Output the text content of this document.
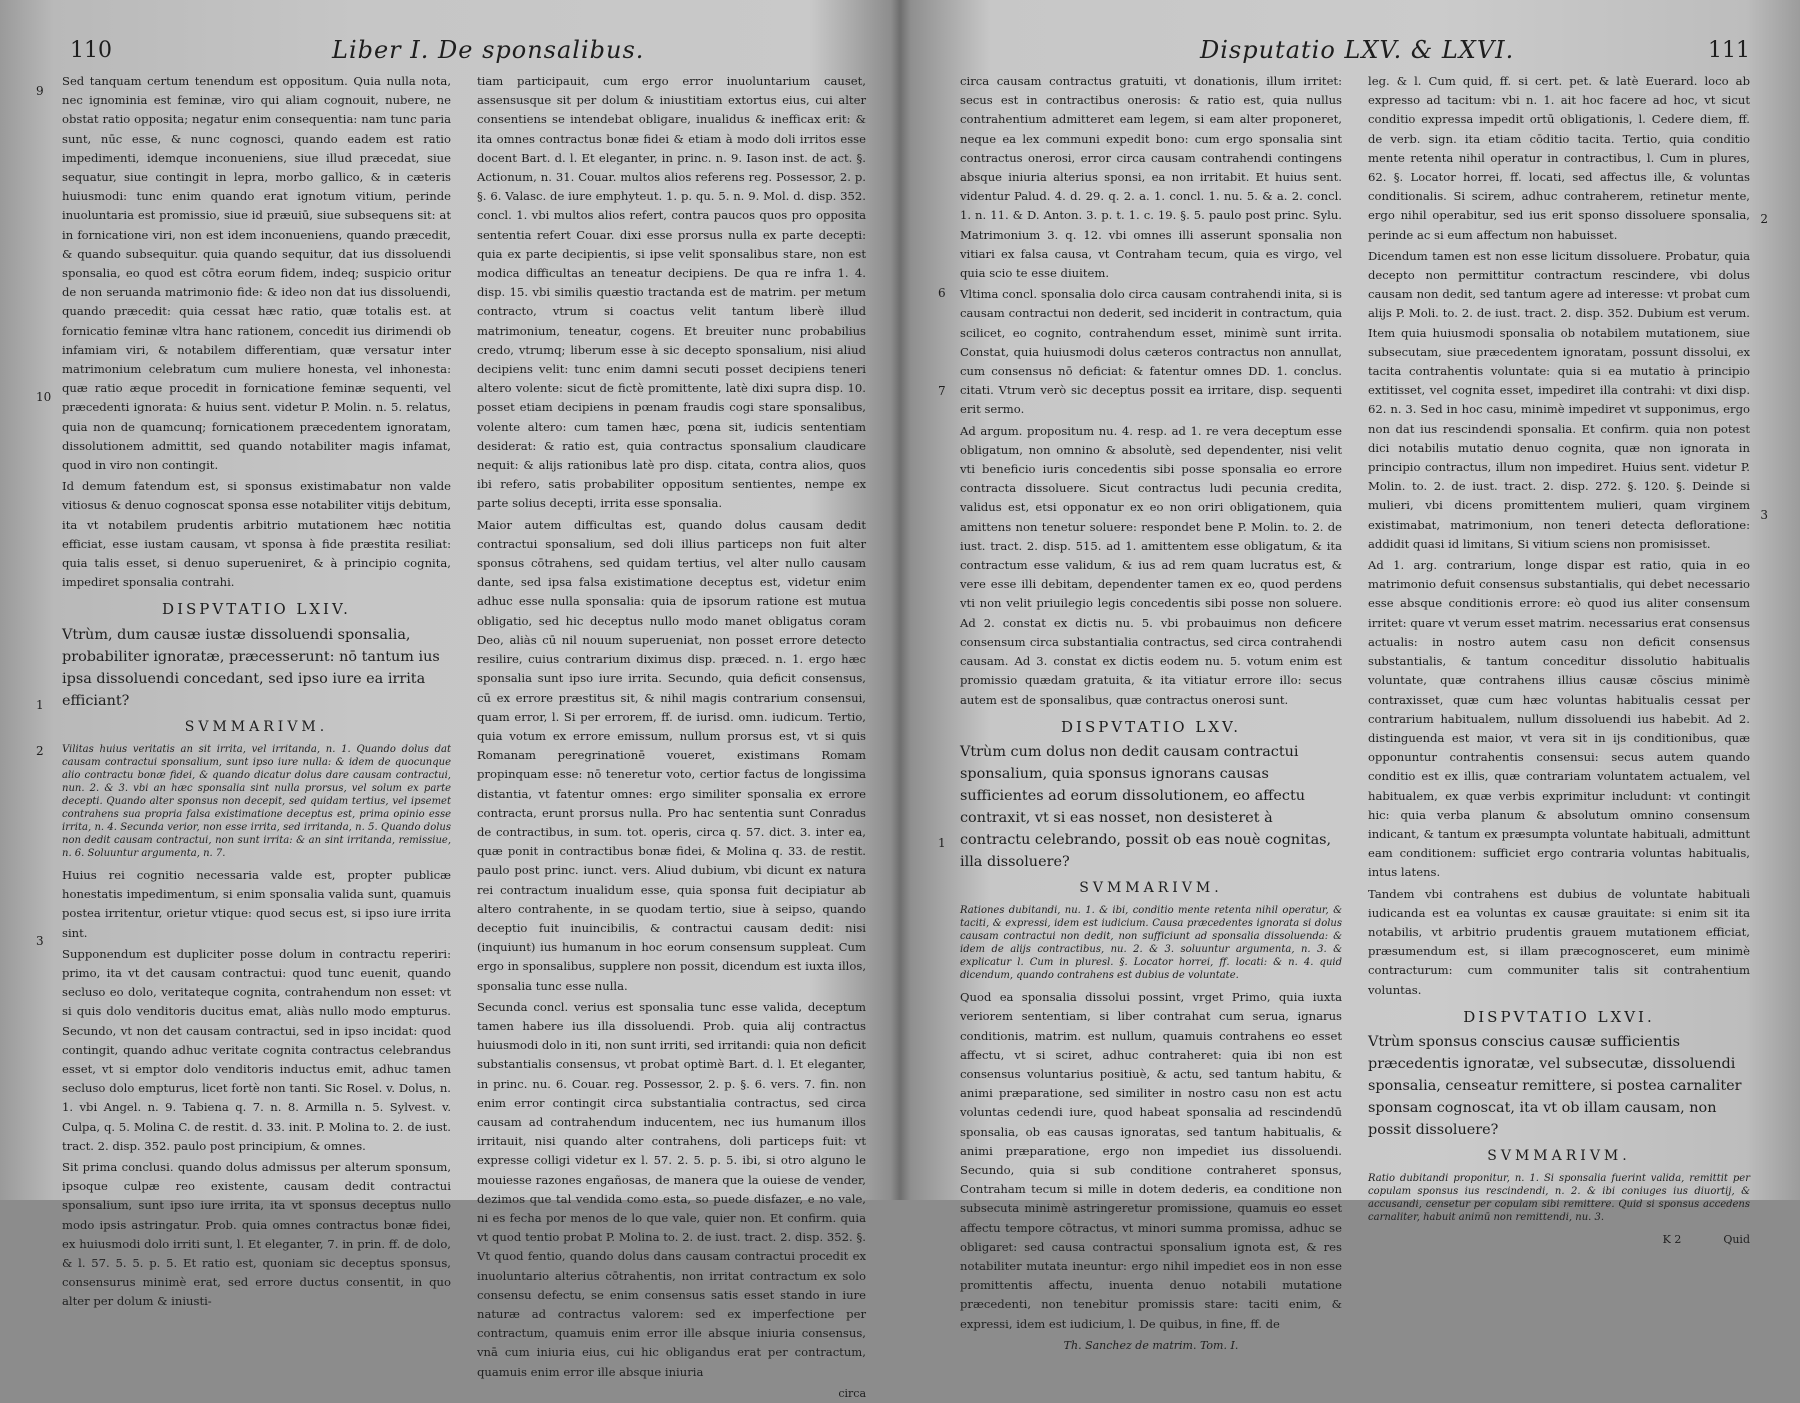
110	Liber I. De sponsalibus.
9
10
1
2
3

Sed tanquam certum tenendum est oppositum. Quia nulla nota, nec ignominia est feminæ, viro qui aliam cognouit, nubere, ne obstat ratio opposita; negatur enim consequentia: nam tunc paria sunt, nūc esse, & nunc cognosci, quando eadem est ratio impedimenti, idemque inconueniens, siue illud præcedat, siue sequatur, siue contingit in lepra, morbo gallico, & in cæteris huiusmodi: tunc enim quando erat ignotum vitium, perinde inuoluntaria est promissio, siue id præuiū, siue subsequens sit: at in fornicatione viri, non est idem inconueniens, quando præcedit, & quando subsequitur. quia quando sequitur, dat ius dissoluendi sponsalia, eo quod est cōtra eorum fidem, indeq; suspicio oritur de non seruanda matrimonio fide: & ideo non dat ius dissoluendi, quando præcedit: quia cessat hæc ratio, quæ totalis est. at fornicatio feminæ vltra hanc rationem, concedit ius dirimendi ob infamiam viri, & notabilem differentiam, quæ versatur inter matrimonium celebratum cum muliere honesta, vel inhonesta: quæ ratio æque procedit in fornicatione feminæ sequenti, vel præcedenti ignorata: & huius sent. videtur P. Molin. n. 5. relatus, quia non de quamcunq; fornicationem præcedentem ignoratam, dissolutionem admittit, sed quando notabiliter magis infamat, quod in viro non contingit.

Id demum fatendum est, si sponsus existimabatur non valde vitiosus & denuo cognoscat sponsa esse notabiliter vitijs debitum, ita vt notabilem prudentis arbitrio mutationem hæc notitia efficiat, esse iustam causam, vt sponsa à fide præstita resiliat: quia talis esset, si denuo superueniret, & à principio cognita, impediret sponsalia contrahi.

DISPVTATIO LXIV.
Vtrùm, dum causæ iustæ dissoluendi sponsalia, probabiliter ignoratæ, præcesserunt: nō tantum ius ipsa dissoluendi concedant, sed ipso iure ea irrita efficiant?
SVMMARIVM.
Vilitas huius veritatis an sit irrita, vel irritanda, n. 1. Quando dolus dat causam contractui sponsalium, sunt ipso iure nulla: & idem de quocunque alio contractu bonæ fidei, & quando dicatur dolus dare causam contractui, nun. 2. & 3. vbi an hæc sponsalia sint nulla prorsus, vel solum ex parte decepti. Quando alter sponsus non decepit, sed quidam tertius, vel ipsemet contrahens sua propria falsa existimatione deceptus est, prima opinio esse irrita, n. 4. Secunda verior, non esse irrita, sed irritanda, n. 5. Quando dolus non dedit causam contractui, non sunt irrita: & an sint irritanda, remissiue, n. 6. Soluuntur argumenta, n. 7.

Huius rei cognitio necessaria valde est, propter publicæ honestatis impedimentum, si enim sponsalia valida sunt, quamuis postea irritentur, orietur vtique: quod secus est, si ipso iure irrita sint.

Supponendum est dupliciter posse dolum in contractu reperiri: primo, ita vt det causam contractui: quod tunc euenit, quando secluso eo dolo, veritateque cognita, contrahendum non esset: vt si quis dolo venditoris ducitus emat, aliàs nullo modo empturus. Secundo, vt non det causam contractui, sed in ipso incidat: quod contingit, quando adhuc veritate cognita contractus celebrandus esset, vt si emptor dolo venditoris inductus emit, adhuc tamen secluso dolo empturus, licet fortè non tanti. Sic Rosel. v. Dolus, n. 1. vbi Angel. n. 9. Tabiena q. 7. n. 8. Armilla n. 5. Sylvest. v. Culpa, q. 5. Molina C. de restit. d. 33. init. P. Molina to. 2. de iust. tract. 2. disp. 352. paulo post principium, & omnes.

Sit prima conclusi. quando dolus admissus per alterum sponsum, ipsoque culpæ reo existente, causam dedit contractui sponsalium, sunt ipso iure irrita, ita vt sponsus deceptus nullo modo ipsis astringatur. Prob. quia omnes contractus bonæ fidei, ex huiusmodi dolo irriti sunt, l. Et eleganter, 7. in prin. ff. de dolo, & l. 57. 5. 5. p. 5. Et ratio est, quoniam sic deceptus sponsus, consensurus minimè erat, sed errore ductus consentit, in quo alter per dolum & iniusti-

tiam participauit, cum ergo error inuoluntarium causet, assensusque sit per dolum & iniustitiam extortus eius, cui alter consentiens se intendebat obligare, inualidus & inefficax erit: & ita omnes contractus bonæ fidei & etiam à modo doli irritos esse docent Bart. d. l. Et eleganter, in princ. n. 9. Iason inst. de act. §. Actionum, n. 31. Couar. multos alios referens reg. Possessor, 2. p. §. 6. Valasc. de iure emphyteut. 1. p. qu. 5. n. 9. Mol. d. disp. 352. concl. 1. vbi multos alios refert, contra paucos quos pro opposita sententia refert Couar. dixi esse prorsus nulla ex parte decepti: quia ex parte decipientis, si ipse velit sponsalibus stare, non est modica difficultas an teneatur decipiens. De qua re infra 1. 4. disp. 15. vbi similis quæstio tractanda est de matrim. per metum contracto, vtrum si coactus velit tantum liberè illud matrimonium, teneatur, cogens. Et breuiter nunc probabilius credo, vtrumq; liberum esse à sic decepto sponsalium, nisi aliud decipiens velit: tunc enim damni secuti posset decipiens teneri altero volente: sicut de fictè promittente, latè dixi supra disp. 10. posset etiam decipiens in pœnam fraudis cogi stare sponsalibus, volente altero: cum tamen hæc, pœna sit, iudicis sententiam desiderat: & ratio est, quia contractus sponsalium claudicare nequit: & alijs rationibus latè pro disp. citata, contra alios, quos ibi refero, satis probabiliter oppositum sentientes, nempe ex parte solius decepti, irrita esse sponsalia.

Maior autem difficultas est, quando dolus causam dedit contractui sponsalium, sed doli illius particeps non fuit alter sponsus cōtrahens, sed quidam tertius, vel alter nullo causam dante, sed ipsa falsa existimatione deceptus est, videtur enim adhuc esse nulla sponsalia: quia de ipsorum ratione est mutua obligatio, sed hic deceptus nullo modo manet obligatus coram Deo, aliàs cū nil nouum superueniat, non posset errore detecto resilire, cuius contrarium diximus disp. præced. n. 1. ergo hæc sponsalia sunt ipso iure irrita. Secundo, quia deficit consensus, cū ex errore præstitus sit, & nihil magis contrarium consensui, quam error, l. Si per errorem, ff. de iurisd. omn. iudicum. Tertio, quia votum ex errore emissum, nullum prorsus est, vt si quis Romanam peregrinationē voueret, existimans Romam propinquam esse: nō teneretur voto, certior factus de longissima distantia, vt fatentur omnes: ergo similiter sponsalia ex errore contracta, erunt prorsus nulla. Pro hac sententia sunt Conradus de contractibus, in sum. tot. operis, circa q. 57. dict. 3. inter ea, quæ ponit in contractibus bonæ fidei, & Molina q. 33. de restit. paulo post princ. iunct. vers. Aliud dubium, vbi dicunt ex natura rei contractum inualidum esse, quia sponsa fuit decipiatur ab altero contrahente, in se quodam tertio, siue à seipso, quando deceptio fuit inuincibilis, & contractui causam dedit: nisi (inquiunt) ius humanum in hoc eorum consensum suppleat. Cum ergo in sponsalibus, supplere non possit, dicendum est iuxta illos, sponsalia tunc esse nulla.

Secunda concl. verius est sponsalia tunc esse valida, deceptum tamen habere ius illa dissoluendi. Prob. quia alij contractus huiusmodi dolo in iti, non sunt irriti, sed irritandi: quia non deficit substantialis consensus, vt probat optimè Bart. d. l. Et eleganter, in princ. nu. 6. Couar. reg. Possessor, 2. p. §. 6. vers. 7. fin. non enim error contingit circa substantialia contractus, sed circa causam ad contrahendum inducentem, nec ius humanum illos irritauit, nisi quando alter contrahens, doli particeps fuit: vt expresse colligi videtur ex l. 57. 2. 5. p. 5. ibi, si otro alguno le mouiesse razones engañosas, de manera que la ouiese de vender, dezimos que tal vendida como esta, so puede disfazer, e no vale, ni es fecha por menos de lo que vale, quier non. Et confirm. quia vt quod tentio probat P. Molina to. 2. de iust. tract. 2. disp. 352. §. Vt quod fentio, quando dolus dans causam contractui procedit ex inuoluntario alterius cōtrahentis, non irritat contractum ex solo consensu defectu, se enim consensus satis esset stando in iure naturæ ad contractus valorem: sed ex imperfectione per contractum, quamuis enim error ille absque iniuria consensus, vnā cum iniuria eius, cui hic obligandus erat per contractum, quamuis enim error ille absque iniuria

circa
Disputatio LXV. & LXVI.	111
6
7
1
2
3

circa causam contractus gratuiti, vt donationis, illum irritet: secus est in contractibus onerosis: & ratio est, quia nullus contrahentium admitteret eam legem, si eam alter proponeret, neque ea lex communi expedit bono: cum ergo sponsalia sint contractus onerosi, error circa causam contrahendi contingens absque iniuria alterius sponsi, ea non irritabit. Et huius sent. videntur Palud. 4. d. 29. q. 2. a. 1. concl. 1. nu. 5. & a. 2. concl. 1. n. 11. & D. Anton. 3. p. t. 1. c. 19. §. 5. paulo post princ. Sylu. Matrimonium 3. q. 12. vbi omnes illi asserunt sponsalia non vitiari ex falsa causa, vt Contraham tecum, quia es virgo, vel quia scio te esse diuitem.

Vltima concl. sponsalia dolo circa causam contrahendi inita, si is causam contractui non dederit, sed inciderit in contractum, quia scilicet, eo cognito, contrahendum esset, minimè sunt irrita. Constat, quia huiusmodi dolus cæteros contractus non annullat, cum consensus nō deficiat: & fatentur omnes DD. 1. conclus. citati. Vtrum verò sic deceptus possit ea irritare, disp. sequenti erit sermo.

Ad argum. propositum nu. 4. resp. ad 1. re vera deceptum esse obligatum, non omnino & absolutè, sed dependenter, nisi velit vti beneficio iuris concedentis sibi posse sponsalia eo errore contracta dissoluere. Sicut contractus ludi pecunia credita, validus est, etsi opponatur ex eo non oriri obligationem, quia amittens non tenetur soluere: respondet bene P. Molin. to. 2. de iust. tract. 2. disp. 515. ad 1. amittentem esse obligatum, & ita contractum esse validum, & ius ad rem quam lucratus est, & vere esse illi debitam, dependenter tamen ex eo, quod perdens vti non velit priuilegio legis concedentis sibi posse non soluere. Ad 2. constat ex dictis nu. 5. vbi probauimus non deficere consensum circa substantialia contractus, sed circa contrahendi causam. Ad 3. constat ex dictis eodem nu. 5. votum enim est promissio quædam gratuita, & ita vitiatur errore illo: secus autem est de sponsalibus, quæ contractus onerosi sunt.

DISPVTATIO LXV.
Vtrùm cum dolus non dedit causam contractui sponsalium, quia sponsus ignorans causas sufficientes ad eorum dissolutionem, eo affectu contraxit, vt si eas nosset, non desisteret à contractu celebrando, possit ob eas nouè cognitas, illa dissoluere?
SVMMARIVM.
Rationes dubitandi, nu. 1. & ibi, conditio mente retenta nihil operatur, & taciti, & expressi, idem est iudicium. Causa præcedentes ignorata si dolus causam contractui non dedit, non sufficiunt ad sponsalia dissoluenda: & idem de alijs contractibus, nu. 2. & 3. soluuntur argumenta, n. 3. & explicatur l. Cum in pluresl. §. Locator horrei, ff. locati: & n. 4. quid dicendum, quando contrahens est dubius de voluntate.

Quod ea sponsalia dissolui possint, vrget Primo, quia iuxta veriorem sententiam, si liber contrahat cum serua, ignarus conditionis, matrim. est nullum, quamuis contrahens eo esset affectu, vt si sciret, adhuc contraheret: quia ibi non est consensus voluntarius positiuè, & actu, sed tantum habitu, & animi præparatione, sed similiter in nostro casu non est actu voluntas cedendi iure, quod habeat sponsalia ad rescindendū sponsalia, ob eas causas ignoratas, sed tantum habitualis, & animi præparatione, ergo non impediet ius dissoluendi. Secundo, quia si sub conditione contraheret sponsus, Contraham tecum si mille in dotem dederis, ea conditione non subsecuta minimè astringeretur promissione, quamuis eo esset affectu tempore cōtractus, vt minori summa promissa, adhuc se obligaret: sed causa contractui sponsalium ignota est, & res notabiliter mutata ineuntur: ergo nihil impediet eos in non esse promittentis affectu, inuenta denuo notabili mutatione præcedenti, non tenebitur promissis stare: taciti enim, & expressi, idem est iudicium, l. De quibus, in fine, ff. de

Th. Sanchez de matrim. Tom. I.

leg. & l. Cum quid, ff. si cert. pet. & latè Euerard. loco ab expresso ad tacitum: vbi n. 1. ait hoc facere ad hoc, vt sicut conditio expressa impedit ortū obligationis, l. Cedere diem, ff. de verb. sign. ita etiam cōditio tacita. Tertio, quia conditio mente retenta nihil operatur in contractibus, l. Cum in plures, 62. §. Locator horrei, ff. locati, sed affectus ille, & voluntas conditionalis. Si scirem, adhuc contraherem, retinetur mente, ergo nihil operabitur, sed ius erit sponso dissoluere sponsalia, perinde ac si eum affectum non habuisset.

Dicendum tamen est non esse licitum dissoluere. Probatur, quia decepto non permittitur contractum rescindere, vbi dolus causam non dedit, sed tantum agere ad interesse: vt probat cum alijs P. Moli. to. 2. de iust. tract. 2. disp. 352. Dubium est verum. Item quia huiusmodi sponsalia ob notabilem mutationem, siue subsecutam, siue præcedentem ignoratam, possunt dissolui, ex tacita contrahentis voluntate: quia si ea mutatio à principio extitisset, vel cognita esset, impediret illa contrahi: vt dixi disp. 62. n. 3. Sed in hoc casu, minimè impediret vt supponimus, ergo non dat ius rescindendi sponsalia. Et confirm. quia non potest dici notabilis mutatio denuo cognita, quæ non ignorata in principio contractus, illum non impediret. Huius sent. videtur P. Molin. to. 2. de iust. tract. 2. disp. 272. §. 120. §. Deinde si mulieri, vbi dicens promittentem mulieri, quam virginem existimabat, matrimonium, non teneri detecta defloratione: addidit quasi id limitans, Si vitium sciens non promisisset.

Ad 1. arg. contrarium, longe dispar est ratio, quia in eo matrimonio defuit consensus substantialis, qui debet necessario esse absque conditionis errore: eò quod ius aliter consensum irritet: quare vt verum esset matrim. necessarius erat consensus actualis: in nostro autem casu non deficit consensus substantialis, & tantum conceditur dissolutio habitualis voluntate, quæ contrahens illius causæ cōscius minimè contraxisset, quæ cum hæc voluntas habitualis cessat per contrarium habitualem, nullum dissoluendi ius habebit. Ad 2. distinguenda est maior, vt vera sit in ijs conditionibus, quæ opponuntur contrahentis consensui: secus autem quando conditio est ex illis, quæ contrariam voluntatem actualem, vel habitualem, ex quæ verbis exprimitur includunt: vt contingit hic: quia verba planum & absolutum omnino consensum indicant, & tantum ex præsumpta voluntate habituali, admittunt eam conditionem: sufficiet ergo contraria voluntas habitualis, intus latens.

Tandem vbi contrahens est dubius de voluntate habituali iudicanda est ea voluntas ex causæ grauitate: si enim sit ita notabilis, vt arbitrio prudentis grauem mutationem efficiat, præsumendum est, si illam præcognosceret, eum minimè contracturum: cum communiter talis sit contrahentium voluntas.

DISPVTATIO LXVI.
Vtrùm sponsus conscius causæ sufficientis præcedentis ignoratæ, vel subsecutæ, dissoluendi sponsalia, censeatur remittere, si postea carnaliter sponsam cognoscat, ita vt ob illam causam, non possit dissoluere?
SVMMARIVM.
Ratio dubitandi proponitur, n. 1. Si sponsalia fuerint valida, remittit per copulam sponsus ius rescindendi, n. 2. & ibi coniuges ius diuortij, & accusandi, censetur per copulam sibi remittere. Quid si sponsus accedens carnaliter, habuit animū non remittendi, nu. 3.
K 2	Quid
